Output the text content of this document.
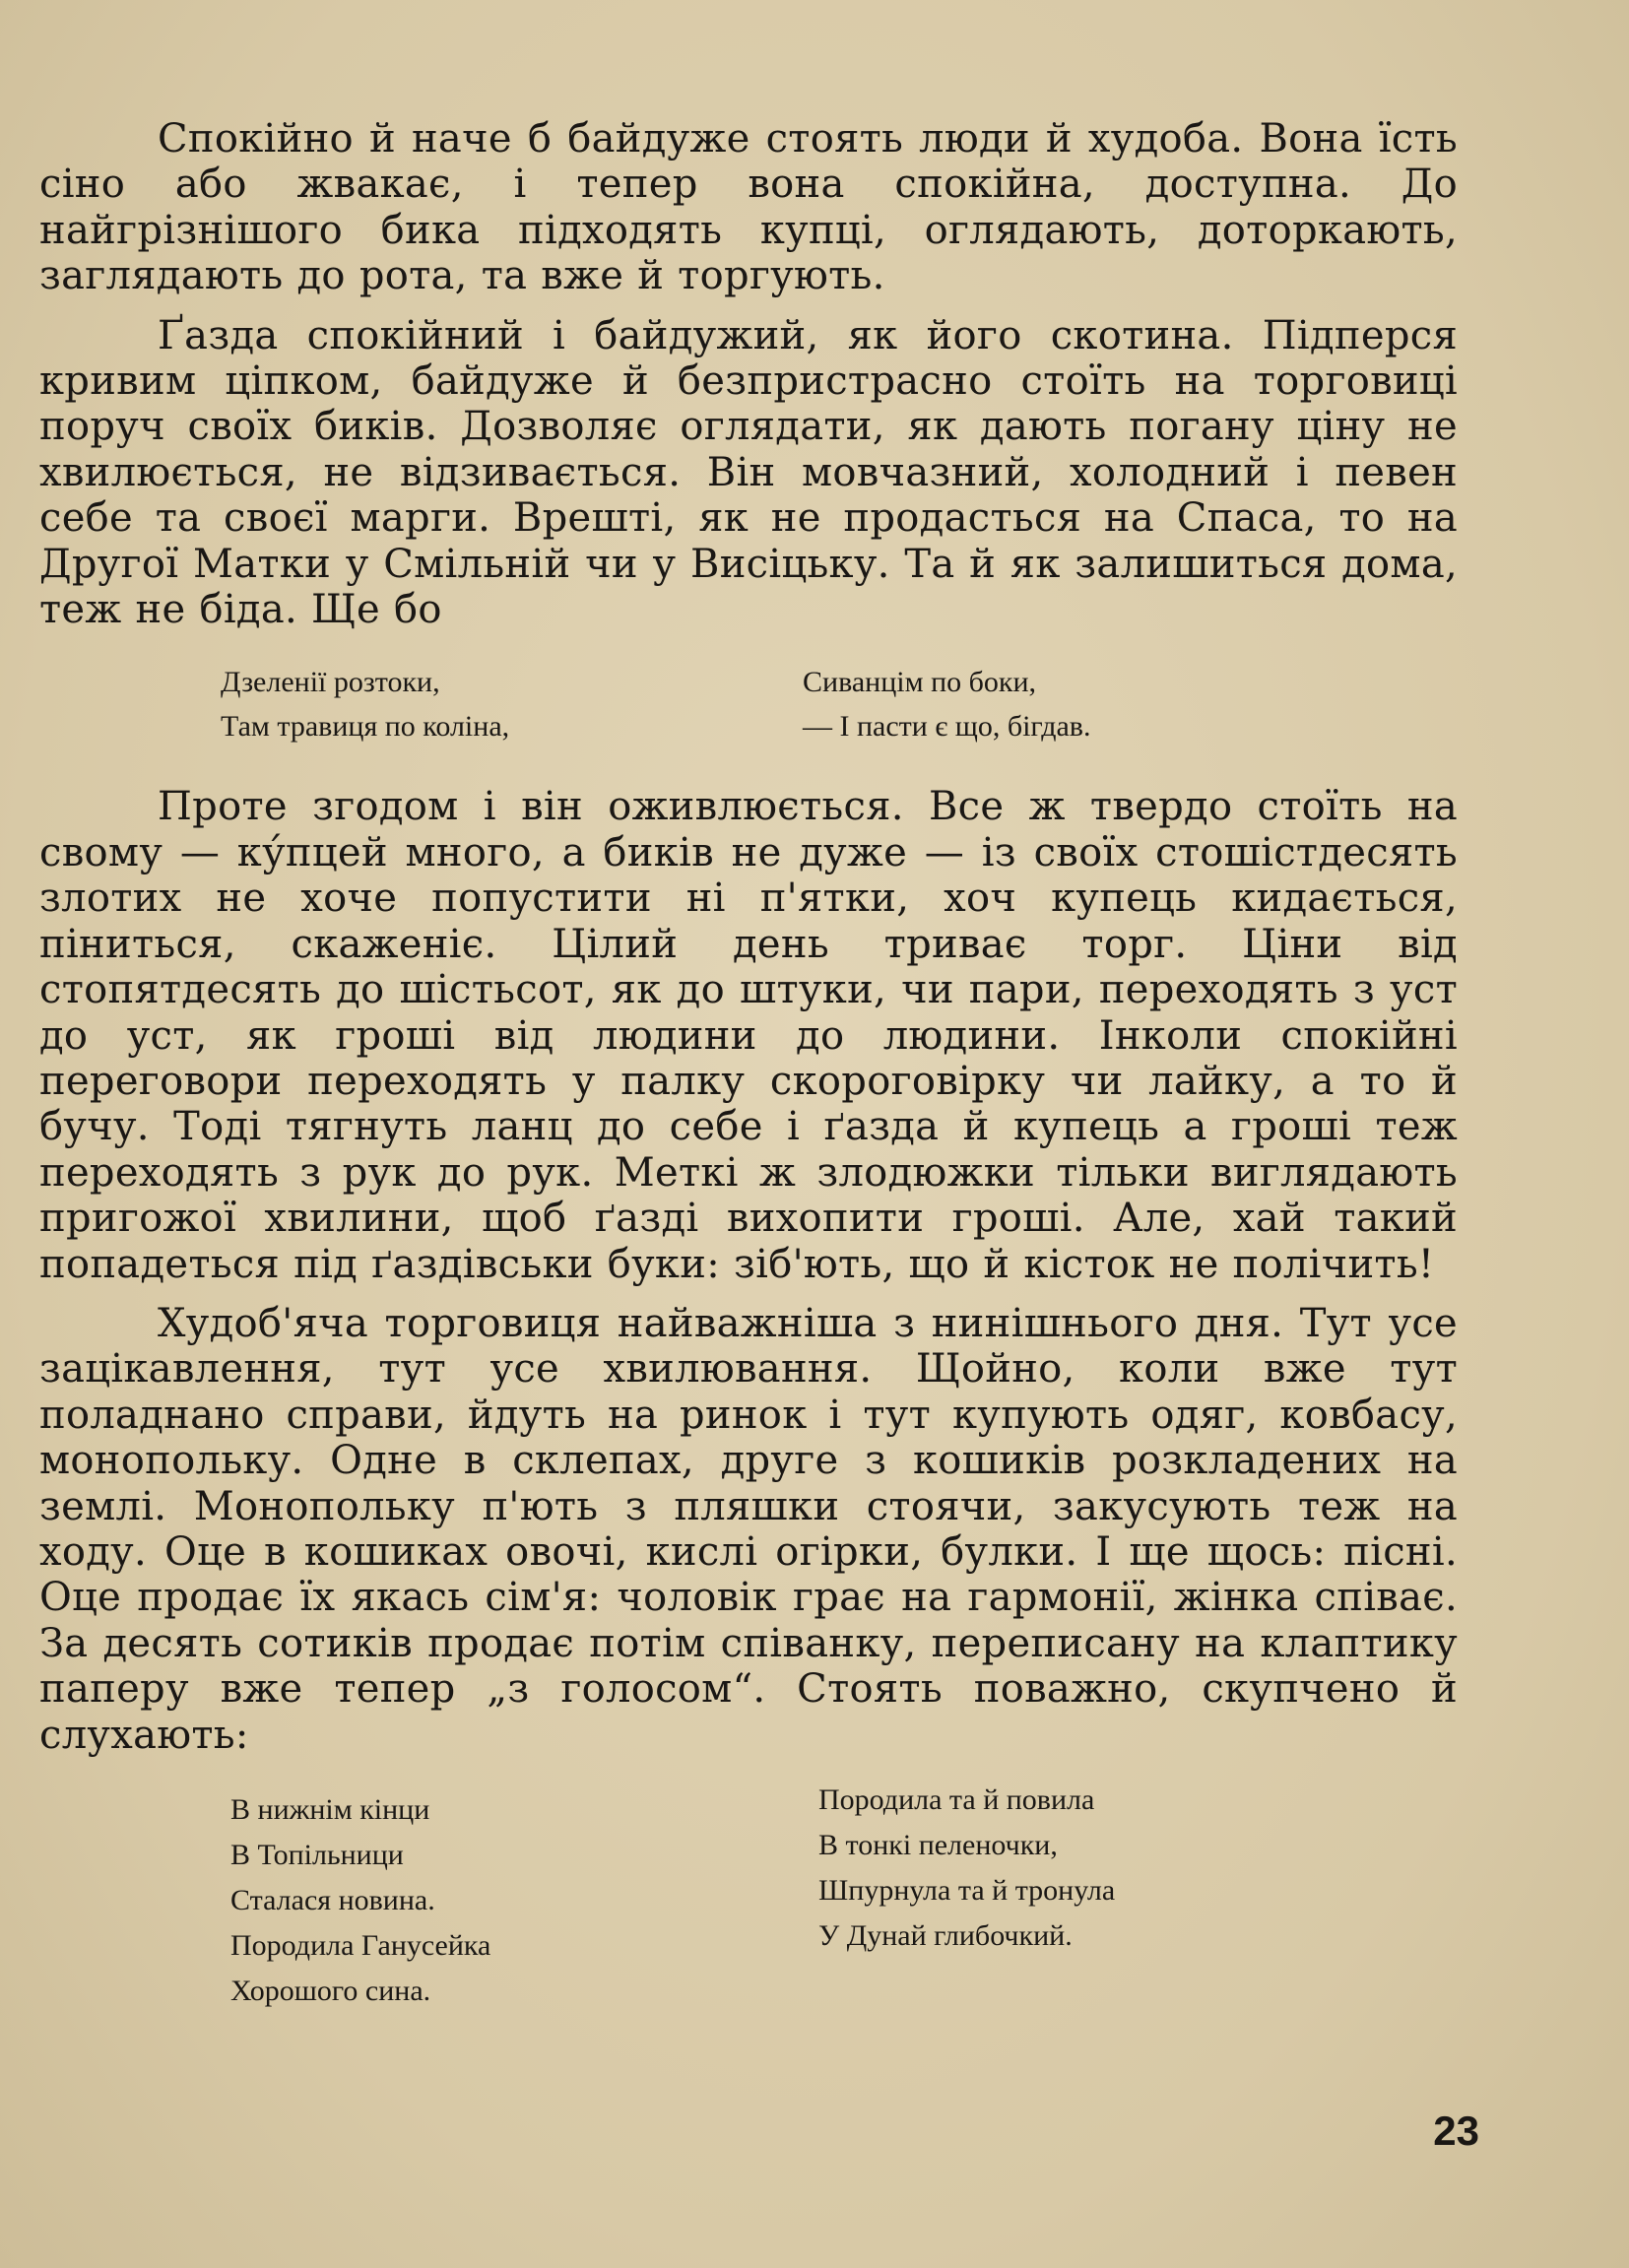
Спокійно й наче б байдуже стоять люди й худоба. Вона їсть сіно або жвакає, і тепер вона спокійна, доступна. До найгрізнішого бика підходять купці, оглядають, доторкають, заглядають до рота, та вже й торгують.

Ґазда спокійний і байдужий, як його скотина. Підперся кривим ціпком, байдуже й безпристрасно стоїть на торговиці поруч своїх биків. Дозволяє оглядати, як дають погану ціну не хвилюється, не відзивається. Він мовчазний, холодний і певен себе та своєї марги. Врешті, як не продасться на Спаса, то на Другої Матки у Смільній чи у Висіцьку. Та й як залишиться дома, теж не біда. Ще бо

Дзеленії розтоки,
Там травиця по коліна,
Сиванцім по боки,
— І пасти є що, бігдав.

Проте згодом і він оживлюється. Все ж твердо стоїть на свому — ку́пцей много, а биків не дуже — із своїх стошістдесять злотих не хоче попустити ні п'ятки, хоч купець кидається, піниться, скаженіє. Цілий день триває торг. Ціни від стопятдесять до шістьсот, як до штуки, чи пари, переходять з уст до уст, як гроші від людини до людини. Інколи спокійні переговори переходять у палку скороговірку чи лайку, а то й бучу. Тоді тягнуть ланц до себе і ґазда й купець а гроші теж переходять з рук до рук. Меткі ж злодюжки тільки виглядають пригожої хвилини, щоб ґазді вихопити гроші. Але, хай такий попадеться під ґаздівськи буки: зіб'ють, що й кісток не полічить!

Худоб'яча торговиця найважніша з нинішнього дня. Тут усе зацікавлення, тут усе хвилювання. Щойно, коли вже тут поладнано справи, йдуть на ринок і тут купують одяг, ковбасу, монопольку. Одне в склепах, друге з кошиків розкладених на землі. Монопольку п'ють з пляшки стоячи, закусують теж на ходу. Оце в кошиках овочі, кислі огірки, булки. І ще щось: пісні. Оце продає їх якась сім'я: чоловік грає на гармонії, жінка співає. За десять сотиків продає потім співанку, переписану на клаптику паперу вже тепер „з голосом“. Стоять поважно, скупчено й слухають:

В нижнім кінци
В Топільници
Сталася новина.
Породила Ганусейка
Хорошого сина.
Породила та й повила
В тонкі пеленочки,
Шпурнула та й тронула
У Дунай глибочкий.
23
